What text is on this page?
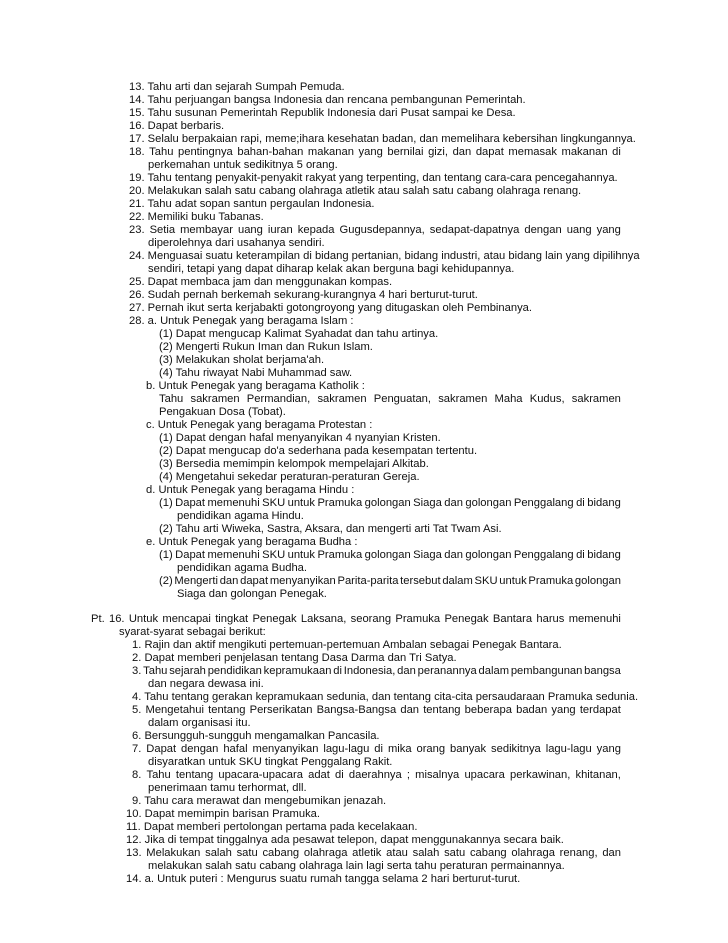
13. Tahu arti dan sejarah Sumpah Pemuda.
14. Tahu perjuangan bangsa Indonesia dan rencana pembangunan Pemerintah.
15. Tahu susunan Pemerintah Republik Indonesia dari Pusat sampai ke Desa.
16. Dapat berbaris.
17. Selalu berpakaian rapi, meme;ihara kesehatan badan, dan memelihara kebersihan lingkungannya.
18. Tahu pentingnya bahan-bahan makanan yang bernilai gizi, dan dapat memasak makanan di
perkemahan untuk sedikitnya 5 orang.
19. Tahu tentang penyakit-penyakit rakyat yang terpenting, dan tentang cara-cara pencegahannya.
20. Melakukan salah satu cabang olahraga atletik atau salah satu cabang olahraga renang.
21. Tahu adat sopan santun pergaulan Indonesia.
22. Memiliki buku Tabanas.
23. Setia membayar uang iuran kepada Gugusdepannya, sedapat-dapatnya dengan uang yang
diperolehnya dari usahanya sendiri.
24. Menguasai suatu keterampilan di bidang pertanian, bidang industri, atau bidang lain yang dipilihnya
sendiri, tetapi yang dapat diharap kelak akan berguna bagi kehidupannya.
25. Dapat membaca jam dan menggunakan kompas.
26. Sudah pernah berkemah sekurang-kurangnya 4 hari berturut-turut.
27. Pernah ikut serta kerjabakti gotongroyong yang ditugaskan oleh Pembinanya.
28. a. Untuk Penegak yang beragama Islam :
(1) Dapat mengucap Kalimat Syahadat dan tahu artinya.
(2) Mengerti Rukun Iman dan Rukun Islam.
(3) Melakukan sholat berjama'ah.
(4) Tahu riwayat Nabi Muhammad saw.
b. Untuk Penegak yang beragama Katholik :
Tahu sakramen Permandian, sakramen Penguatan, sakramen Maha Kudus, sakramen
Pengakuan Dosa (Tobat).
c. Untuk Penegak yang beragama Protestan :
(1) Dapat dengan hafal menyanyikan 4 nyanyian Kristen.
(2) Dapat mengucap do'a sederhana pada kesempatan tertentu.
(3) Bersedia memimpin kelompok mempelajari Alkitab.
(4) Mengetahui sekedar peraturan-peraturan Gereja.
d. Untuk Penegak yang beragama Hindu :
(1) Dapat memenuhi SKU untuk Pramuka golongan Siaga dan golongan Penggalang di bidang
pendidikan agama Hindu.
(2) Tahu arti Wiweka, Sastra, Aksara, dan mengerti arti Tat Twam Asi.
e. Untuk Penegak yang beragama Budha :
(1) Dapat memenuhi SKU untuk Pramuka golongan Siaga dan golongan Penggalang di bidang
pendidikan agama Budha.
(2) Mengerti dan dapat menyanyikan Parita-parita tersebut dalam SKU untuk Pramuka golongan
Siaga dan golongan Penegak.
Pt. 16. Untuk mencapai tingkat Penegak Laksana, seorang Pramuka Penegak Bantara harus memenuhi
syarat-syarat sebagai berikut:
1. Rajin dan aktif mengikuti pertemuan-pertemuan Ambalan sebagai Penegak Bantara.
2. Dapat memberi penjelasan tentang Dasa Darma dan Tri Satya.
3. Tahu sejarah pendidikan kepramukaan di Indonesia, dan peranannya dalam pembangunan bangsa
dan negara dewasa ini.
4. Tahu tentang gerakan kepramukaan sedunia, dan tentang cita-cita persaudaraan Pramuka sedunia.
5. Mengetahui tentang Perserikatan Bangsa-Bangsa dan tentang beberapa badan yang terdapat
dalam organisasi itu.
6. Bersungguh-sungguh mengamalkan Pancasila.
7. Dapat dengan hafal menyanyikan lagu-lagu di mika orang banyak sedikitnya lagu-lagu yang
disyaratkan untuk SKU tingkat Penggalang Rakit.
8. Tahu tentang upacara-upacara adat di daerahnya ; misalnya upacara perkawinan, khitanan,
penerimaan tamu terhormat, dll.
9. Tahu cara merawat dan mengebumikan jenazah.
10. Dapat memimpin barisan Pramuka.
11. Dapat memberi pertolongan pertama pada kecelakaan.
12. Jika di tempat tinggalnya ada pesawat telepon, dapat menggunakannya secara baik.
13. Melakukan salah satu cabang olahraga atletik atau salah satu cabang olahraga renang, dan
melakukan salah satu cabang olahraga lain lagi serta tahu peraturan permainannya.
14. a. Untuk puteri : Mengurus suatu rumah tangga selama 2 hari berturut-turut.
